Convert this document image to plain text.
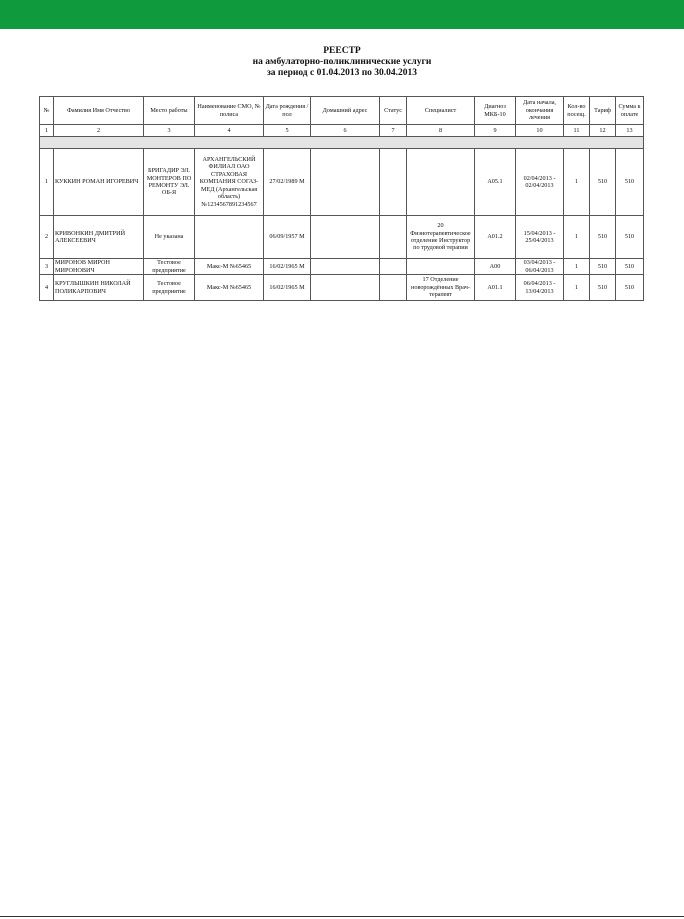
РЕЕСТР
на амбулаторно-поликлинические услуги
за период с 01.04.2013 по 30.04.2013
№	Фамилия Имя Отчество	Место работы	Наименование СМО, № полиса	Дата рождения /пол	Домашний адрес	Статус	Специалист	Диагноз МКБ-10	Дата начала, окончания лечения	Кол-во посещ.	Тариф	Сумма к оплате
1	2	3	4	5	6	7	8	9	10	11	12	13

1	КУККИН РОМАН ИГОРЕВИЧ	БРИГАДИР ЭЛ. МОНТЕРОВ ПО РЕМОНТУ ЭЛ. ОБ-Я	АРХАНГЕЛЬСКИЙ ФИЛИАЛ ОАО СТРАХОВАЯ КОМПАНИЯ СОГАЗ-МЕД (Архангельская область) №1234567891234567	27/02/1989 М				A05.1	02/04/2013 - 02/04/2013	1	510	510
2	КРИВОНКИН ДМИТРИЙ АЛЕКСЕЕВИЧ	Не указана		06/09/1957 М			20 Физиотерапевтическое отделение Инструктор по трудовой терапии	A01.2	15/04/2013 - 25/04/2013	1	510	510
3	МИРОНОВ МИРОН МИРОНОВИЧ	Тестовое предприятие	Макс-М №65465	16/02/1965 М				A00	03/04/2013 - 06/04/2013	1	510	510
4	КРУГЛЫШКИН НИКОЛАЙ ПОЛИКАРПОВИЧ	Тестовое предприятие	Макс-М №65465	16/02/1965 М			17 Отделение новорождённых Врач-терапевт	A01.1	06/04/2013 - 13/04/2013	1	510	510
